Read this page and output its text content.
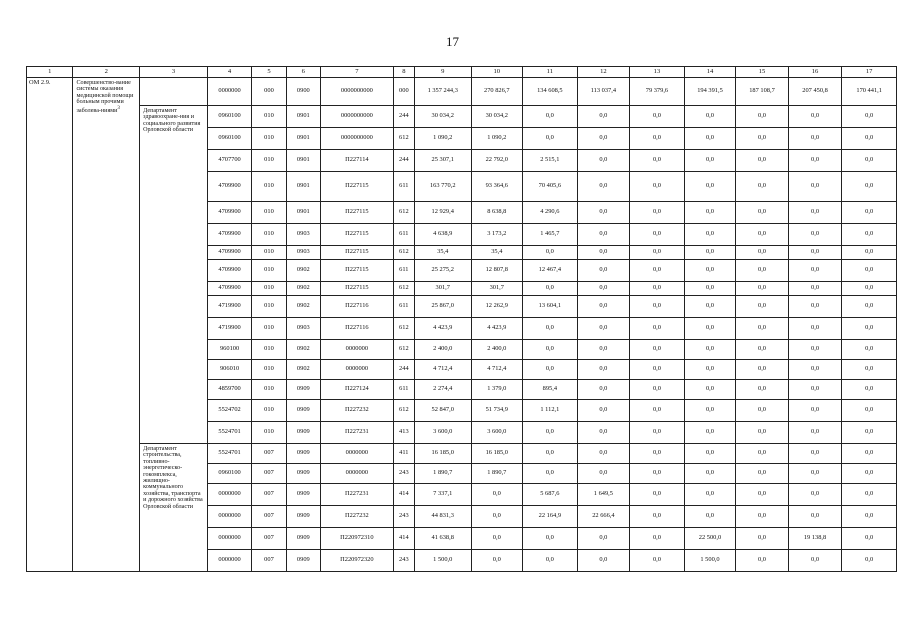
17
1	2	3	4	5	6	7	8	9	10	11	12	13	14	15	16	17
ОМ 2.9.	Совершенство-вание системы оказания медицинской помощи больным прочими заболева-ниями$^3$		0000000	000	0900	0000000000	000	1 357 244,3	270 826,7	134 608,5	113 037,4	79 379,6	194 391,5	187 108,7	207 450,8	170 441,1
		Департамент здравоохране-ния и социального развития Орловской области	0960100	010	0901	0000000000	244	30 034,2	30 034,2	0,0	0,0	0,0	0,0	0,0	0,0	0,0
			0960100	010	0901	0000000000	612	1 090,2	1 090,2	0,0	0,0	0,0	0,0	0,0	0,0	0,0
			4707700	010	0901	П227114	244	25 307,1	22 792,0	2 515,1	0,0	0,0	0,0	0,0	0,0	0,0
			4709900	010	0901	П227115	611	163 770,2	93 364,6	70 405,6	0,0	0,0	0,0	0,0	0,0	0,0
			4709900	010	0901	П227115	612	12 929,4	8 638,8	4 290,6	0,0	0,0	0,0	0,0	0,0	0,0
			4709900	010	0903	П227115	611	4 638,9	3 173,2	1 465,7	0,0	0,0	0,0	0,0	0,0	0,0
			4709900	010	0903	П227115	612	35,4	35,4	0,0	0,0	0,0	0,0	0,0	0,0	0,0
			4709900	010	0902	П227115	611	25 275,2	12 807,8	12 467,4	0,0	0,0	0,0	0,0	0,0	0,0
			4709900	010	0902	П227115	612	301,7	301,7	0,0	0,0	0,0	0,0	0,0	0,0	0,0
			4719900	010	0902	П227116	611	25 867,0	12 262,9	13 604,1	0,0	0,0	0,0	0,0	0,0	0,0
			4719900	010	0903	П227116	612	4 423,9	4 423,9	0,0	0,0	0,0	0,0	0,0	0,0	0,0
			960100	010	0902	0000000	612	2 400,0	2 400,0	0,0	0,0	0,0	0,0	0,0	0,0	0,0
			906010	010	0902	0000000	244	4 712,4	4 712,4	0,0	0,0	0,0	0,0	0,0	0,0	0,0
			4859700	010	0909	П227124	611	2 274,4	1 379,0	895,4	0,0	0,0	0,0	0,0	0,0	0,0
			5524702	010	0909	П227232	612	52 847,0	51 734,9	1 112,1	0,0	0,0	0,0	0,0	0,0	0,0
			5524701	010	0909	П227231	413	3 600,0	3 600,0	0,0	0,0	0,0	0,0	0,0	0,0	0,0
		Департамент строительства, топливно-энергетическо-гокомплекса, жилищно-коммунального хозяйства, транспорта и дорожного хозяйства Орловской области	5524701	007	0909	0000000	411	16 185,0	16 185,0	0,0	0,0	0,0	0,0	0,0	0,0	0,0
			0960100	007	0909	0000000	243	1 890,7	1 890,7	0,0	0,0	0,0	0,0	0,0	0,0	0,0
			0000000	007	0909	П227231	414	7 337,1	0,0	5 687,6	1 649,5	0,0	0,0	0,0	0,0	0,0
			0000000	007	0909	П227232	243	44 831,3	0,0	22 164,9	22 666,4	0,0	0,0	0,0	0,0	0,0
			0000000	007	0909	П220972310	414	41 638,8	0,0	0,0	0,0	0,0	22 500,0	0,0	19 138,8	0,0
			0000000	007	0909	П220972320	243	1 500,0	0,0	0,0	0,0	0,0	1 500,0	0,0	0,0	0,0
